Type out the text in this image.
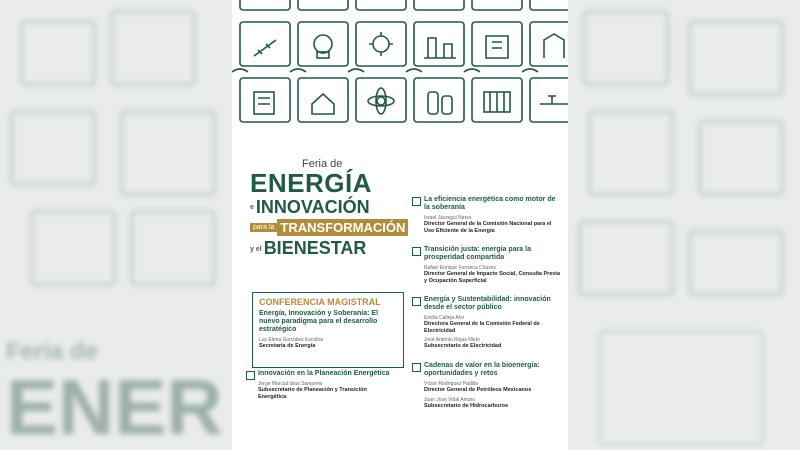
Feria de
ENER
Feria de
ENERGÍA
e INNOVACIÓN
para la TRANSFORMACIÓN
y el BIENESTAR
CONFERENCIA MAGISTRAL
Energía, Innovación y Soberanía: El nuevo paradigma para el desarrollo estratégico
Luz Elena González Escobar
Secretaria de Energía
Innovación en la Planeación Energética
Jorge Marcial Islas Samperio
Subsecretario de Planeación y Transición Energética
La eficiencia energética como motor de la soberanía
Israel Jáuregui Nares
Director General de la Comisión Nacional para el Uso Eficiente de la Energía
Transición justa: energía para la prosperidad compartida
Rafael Enrique Fonseca Chávez
Director General de Impacto Social, Consulta Previa y Ocupación Superficial
Energía y Sustentabilidad: innovación desde el sector público
Emilia Calleja Alor
Directora General de la Comisión Federal de Electricidad
José Antonio Rojas Nieto
Subsecretario de Electricidad
Cadenas de valor en la bioenergía: oportunidades y retos
Víctor Rodríguez Padilla
Director General de Petróleos Mexicanos
Juan José Vidal Amaro
Subsecretario de Hidrocarburos
